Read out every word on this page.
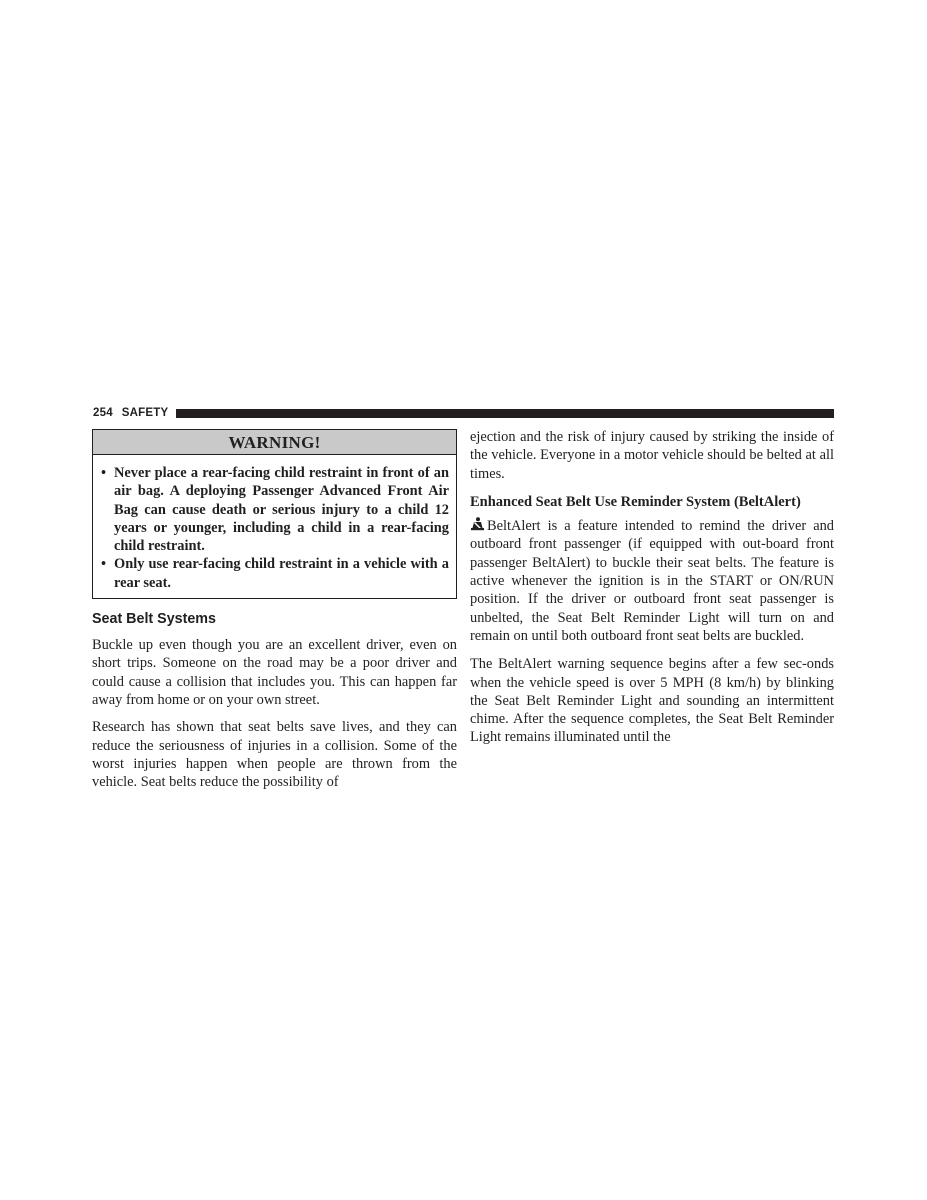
254 SAFETY
WARNING!
• Never place a rear-facing child restraint in front of an air bag. A deploying Passenger Advanced Front Air Bag can cause death or serious injury to a child 12 years or younger, including a child in a rear-facing child restraint.
• Only use rear-facing child restraint in a vehicle with a rear seat.
Seat Belt Systems

Buckle up even though you are an excellent driver, even on short trips. Someone on the road may be a poor driver and could cause a collision that includes you. This can happen far away from home or on your own street.

Research has shown that seat belts save lives, and they can reduce the seriousness of injuries in a collision. Some of the worst injuries happen when people are thrown from the vehicle. Seat belts reduce the possibility of

ejection and the risk of injury caused by striking the inside of the vehicle. Everyone in a motor vehicle should be belted at all times.

Enhanced Seat Belt Use Reminder System (BeltAlert)

BeltAlert is a feature intended to remind the driver and outboard front passenger (if equipped with out-board front passenger BeltAlert) to buckle their seat belts. The feature is active whenever the ignition is in the START or ON/RUN position. If the driver or outboard front seat passenger is unbelted, the Seat Belt Reminder Light will turn on and remain on until both outboard front seat belts are buckled.

The BeltAlert warning sequence begins after a few sec-onds when the vehicle speed is over 5 MPH (8 km/h) by blinking the Seat Belt Reminder Light and sounding an intermittent chime. After the sequence completes, the Seat Belt Reminder Light remains illuminated until the
